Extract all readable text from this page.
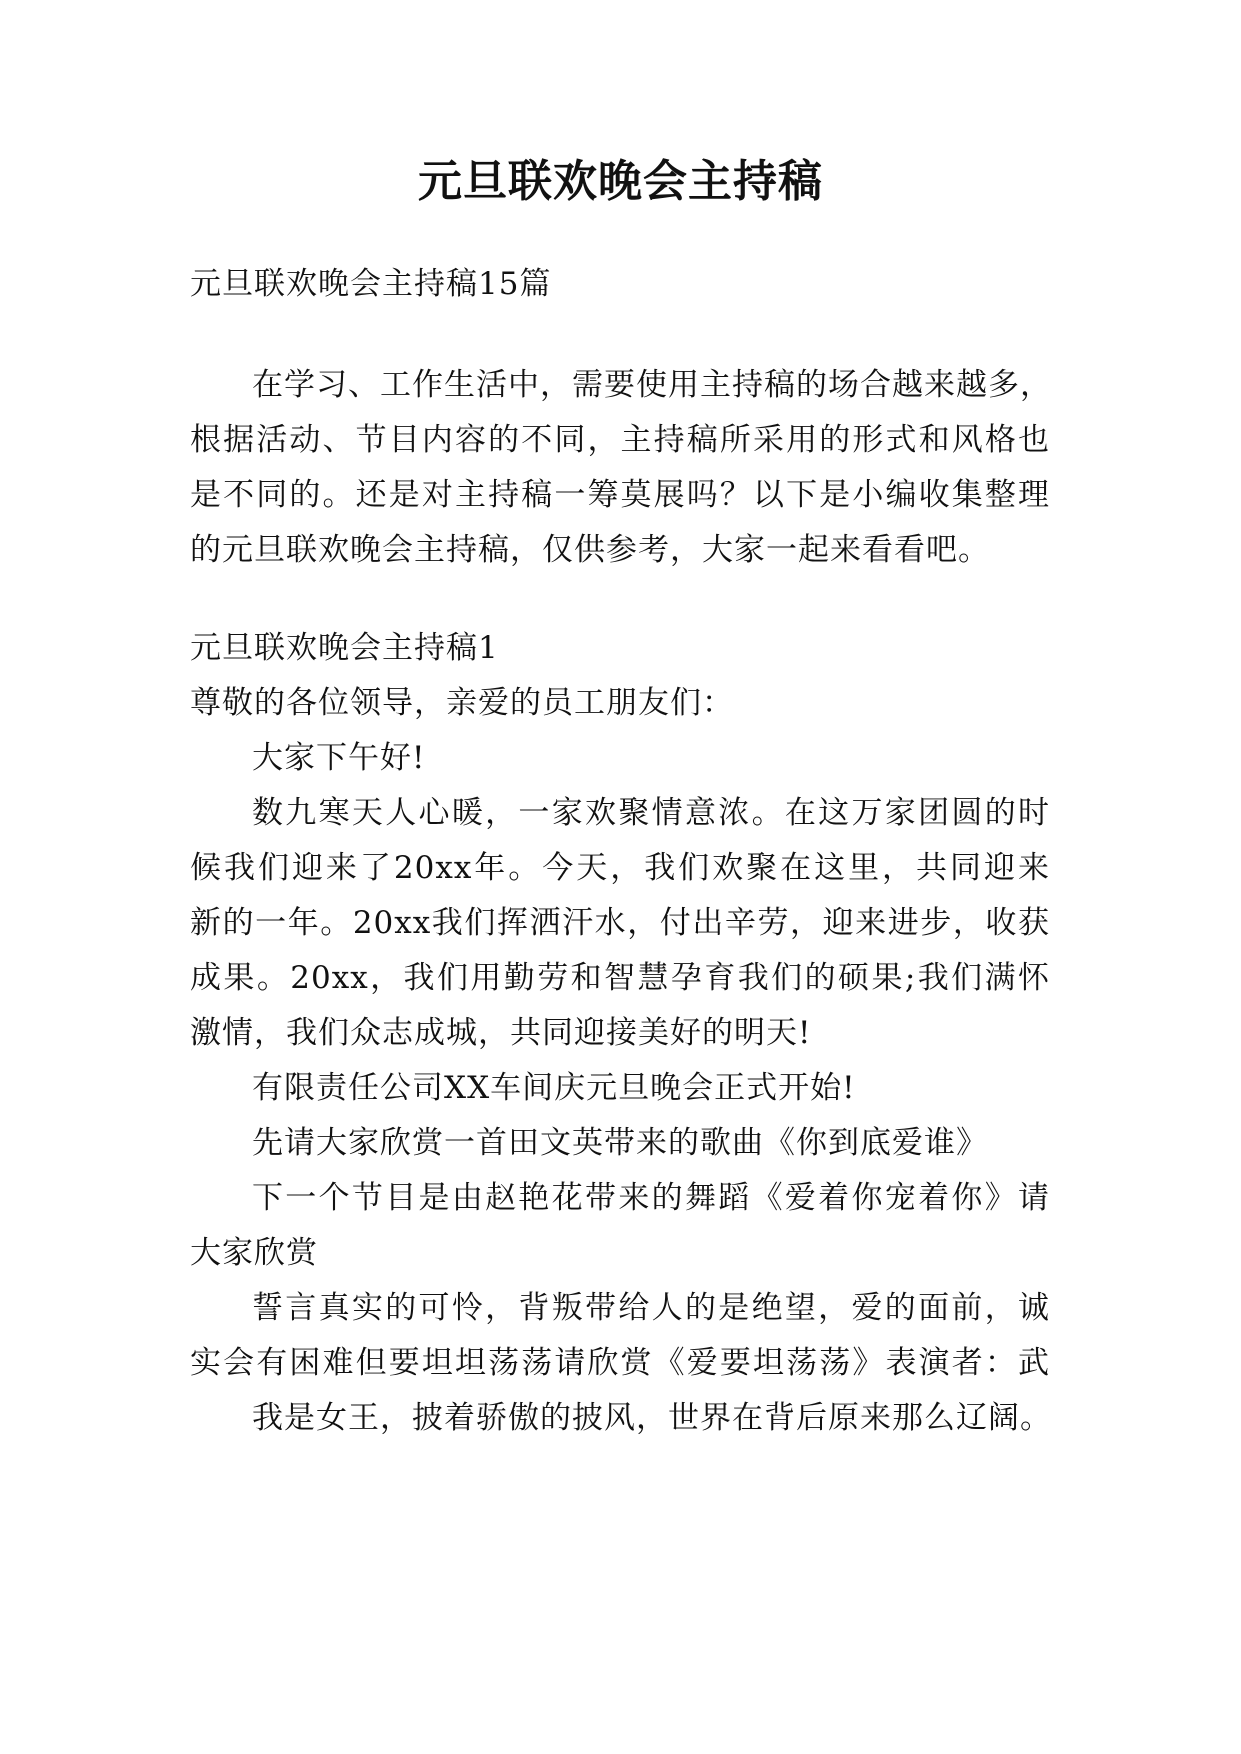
元旦联欢晚会主持稿
元旦联欢晚会主持稿15篇
在学习、工作生活中，需要使用主持稿的场合越来越多，
根据活动、节目内容的不同，主持稿所采用的形式和风格也
是不同的。还是对主持稿一筹莫展吗？以下是小编收集整理
的元旦联欢晚会主持稿，仅供参考，大家一起来看看吧。
元旦联欢晚会主持稿1
尊敬的各位领导，亲爱的员工朋友们：
大家下午好!
数九寒天人心暖，一家欢聚情意浓。在这万家团圆的时
候我们迎来了20xx年。今天，我们欢聚在这里，共同迎来
新的一年。20xx我们挥洒汗水，付出辛劳，迎来进步，收获
成果。20xx，我们用勤劳和智慧孕育我们的硕果;我们满怀
激情，我们众志成城，共同迎接美好的明天!
有限责任公司XX车间庆元旦晚会正式开始!
先请大家欣赏一首田文英带来的歌曲《你到底爱谁》
下一个节目是由赵艳花带来的舞蹈《爱着你宠着你》请
大家欣赏
誓言真实的可怜，背叛带给人的是绝望，爱的面前，诚
实会有困难但要坦坦荡荡请欣赏《爱要坦荡荡》表演者：武
我是女王，披着骄傲的披风，世界在背后原来那么辽阔。
